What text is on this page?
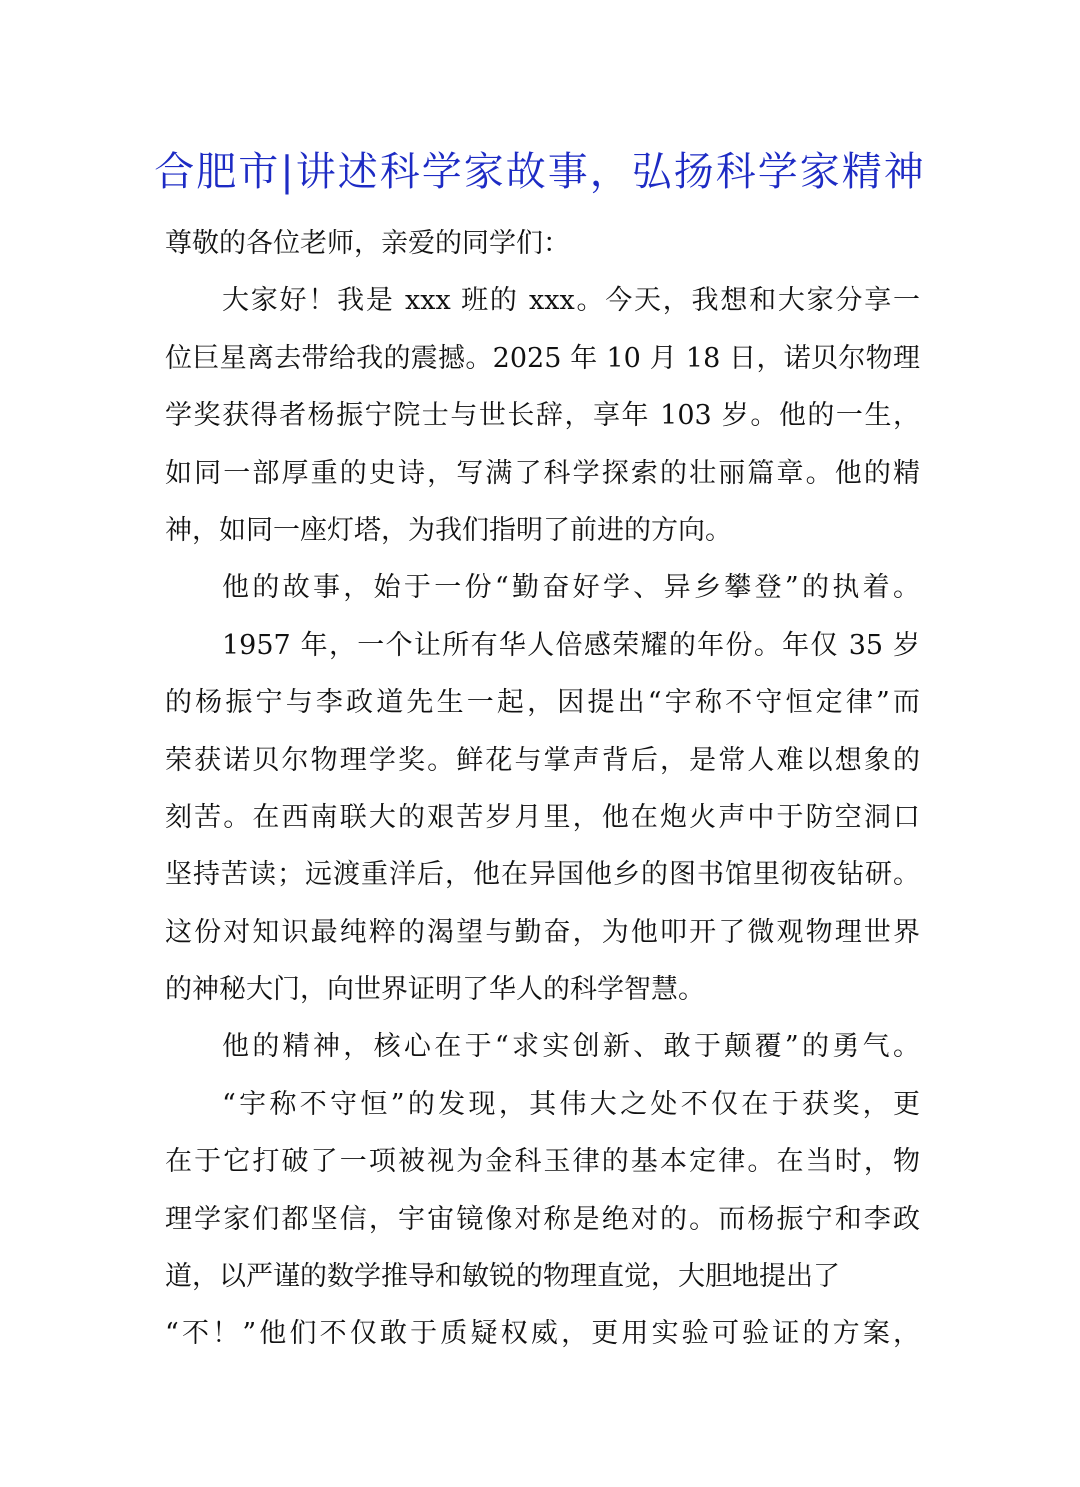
合肥市|讲述科学家故事，弘扬科学家精神
尊敬的各位老师，亲爱的同学们：
大家好！我是 xxx 班的 xxx。今天，我想和大家分享一
位巨星离去带给我的震撼。2025 年 10 月 18 日，诺贝尔物理
学奖获得者杨振宁院士与世长辞，享年 103 岁。他的一生，
如同一部厚重的史诗，写满了科学探索的壮丽篇章。他的精
神，如同一座灯塔，为我们指明了前进的方向。
他的故事，始于一份“勤奋好学、异乡攀登”的执着。
1957 年，一个让所有华人倍感荣耀的年份。年仅 35 岁
的杨振宁与李政道先生一起，因提出“宇称不守恒定律”而
荣获诺贝尔物理学奖。鲜花与掌声背后，是常人难以想象的
刻苦。在西南联大的艰苦岁月里，他在炮火声中于防空洞口
坚持苦读；远渡重洋后，他在异国他乡的图书馆里彻夜钻研。
这份对知识最纯粹的渴望与勤奋，为他叩开了微观物理世界
的神秘大门，向世界证明了华人的科学智慧。
他的精神，核心在于“求实创新、敢于颠覆”的勇气。
“宇称不守恒”的发现，其伟大之处不仅在于获奖，更
在于它打破了一项被视为金科玉律的基本定律。在当时，物
理学家们都坚信，宇宙镜像对称是绝对的。而杨振宁和李政
道，以严谨的数学推导和敏锐的物理直觉，大胆地提出了
“不！”他们不仅敢于质疑权威，更用实验可验证的方案，
